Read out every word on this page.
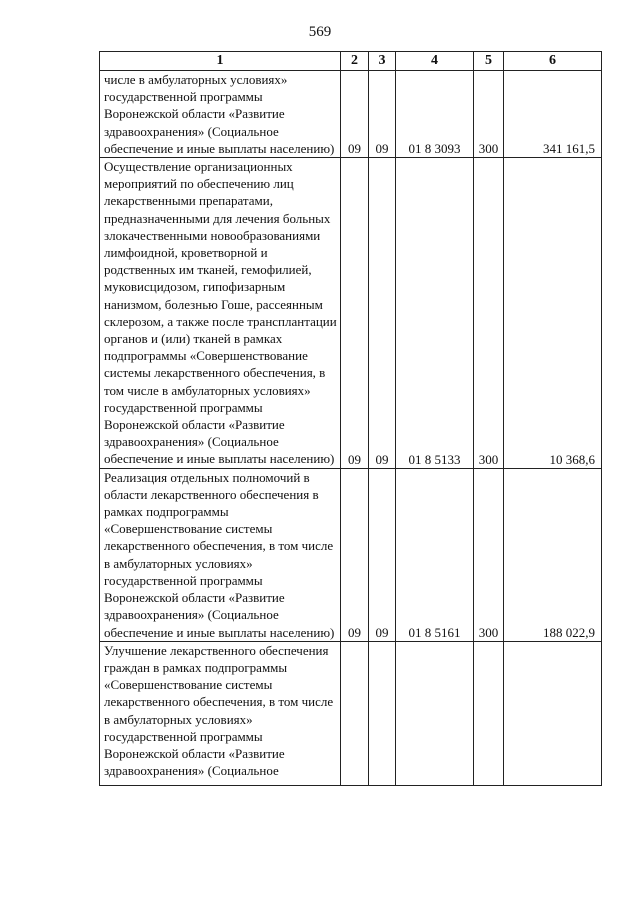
569
1	2	3	4	5	6
числе в амбулаторных условиях» государственной программы Воронежской области «Развитие здравоохранения» (Социальное обеспечение и иные выплаты населению)	09	09	01 8 3093	300	341 161,5
Осуществление организационных мероприятий по обеспечению лиц лекарственными препаратами, предназначенными для лечения больных злокачественными новообразованиями лимфоидной, кроветворной и родственных им тканей, гемофилией, муковисцидозом, гипофизарным нанизмом, болезнью Гоше, рассеянным склерозом, а также после трансплантации органов и (или) тканей в рамках подпрограммы «Совершенствование системы лекарственного обеспечения, в том числе в амбулаторных условиях» государственной программы Воронежской области «Развитие здравоохранения» (Социальное обеспечение и иные выплаты населению)	09	09	01 8 5133	300	10 368,6
Реализация отдельных полномочий в области лекарственного обеспечения в рамках подпрограммы «Совершенствование системы лекарственного обеспечения, в том числе в амбулаторных условиях» государственной программы Воронежской области «Развитие здравоохранения» (Социальное обеспечение и иные выплаты населению)	09	09	01 8 5161	300	188 022,9
Улучшение лекарственного обеспечения граждан в рамках подпрограммы «Совершенствование системы лекарственного обеспечения, в том числе в амбулаторных условиях» государственной программы Воронежской области «Развитие здравоохранения» (Социальное					
